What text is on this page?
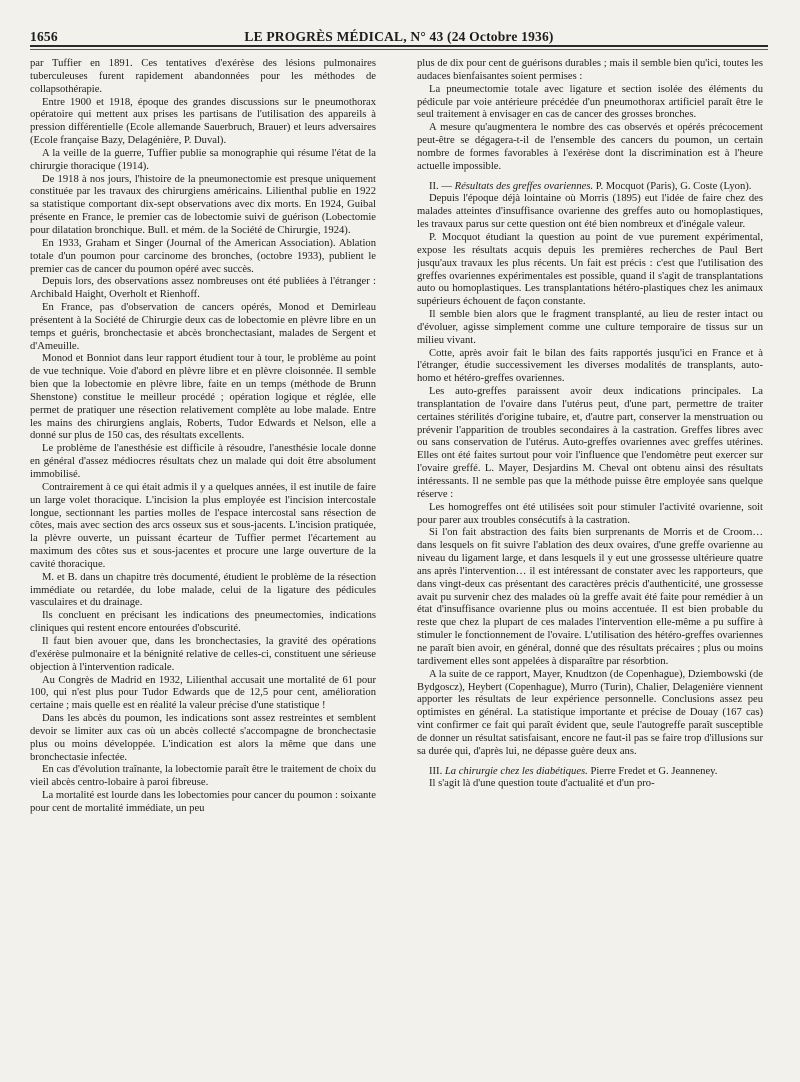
1656	LE PROGRÈS MÉDICAL, N° 43 (24 Octobre 1936)

par Tuffier en 1891. Ces tentatives d'exérèse des lésions pulmonaires tuberculeuses furent rapidement abandonnées pour les méthodes de collapsothérapie.

Entre 1900 et 1918, époque des grandes discussions sur le pneumothorax opératoire qui mettent aux prises les partisans de l'utilisation des appareils à pression différentielle (Ecole allemande Sauerbruch, Brauer) et leurs adversaires (Ecole française Bazy, Delagénière, P. Duval).

A la veille de la guerre, Tuffier publie sa monographie qui résume l'état de la chirurgie thoracique (1914).

De 1918 à nos jours, l'histoire de la pneumonectomie est presque uniquement constituée par les travaux des chirurgiens américains. Lilienthal publie en 1922 sa statistique comportant dix-sept observations avec dix morts. En 1924, Guibal présente en France, le premier cas de lobectomie suivi de guérison (Lobectomie pour dilatation bronchique. Bull. et mém. de la Société de Chirurgie, 1924).

En 1933, Graham et Singer (Journal of the American Association). Ablation totale d'un poumon pour carcinome des bronches, (octobre 1933), publient le premier cas de cancer du poumon opéré avec succès.

Depuis lors, des observations assez nombreuses ont été publiées à l'étranger : Archibald Haight, Overholt et Rienhoff.

En France, pas d'observation de cancers opérés, Monod et Demirleau présentent à la Société de Chirurgie deux cas de lobectomie en plèvre libre en un temps et guéris, bronchectasie et abcès bronchectasiant, malades de Sergent et d'Ameuille.

Monod et Bonniot dans leur rapport étudient tour à tour, le problème au point de vue technique. Voie d'abord en plèvre libre et en plèvre cloisonnée. Il semble bien que la lobectomie en plèvre libre, faite en un temps (méthode de Brunn Shenstone) constitue le meilleur procédé ; opération logique et réglée, elle permet de pratiquer une résection relativement complète au lobe malade. Entre les mains des chirurgiens anglais, Roberts, Tudor Edwards et Nelson, elle a donné sur plus de 150 cas, des résultats excellents.

Le problème de l'anesthésie est difficile à résoudre, l'anesthésie locale donne en général d'assez médiocres résultats chez un malade qui doit être absolument immobilisé.

Contrairement à ce qui était admis il y a quelques années, il est inutile de faire un large volet thoracique. L'incision la plus employée est l'incision intercostale longue, sectionnant les parties molles de l'espace intercostal sans résection de côtes, mais avec section des arcs osseux sus et sous-jacents. L'incision pratiquée, la plèvre ouverte, un puissant écarteur de Tuffier permet l'écartement au maximum des côtes sus et sous-jacentes et procure une large ouverture de la cavité thoracique.

M. et B. dans un chapitre très documenté, étudient le problème de la résection immédiate ou retardée, du lobe malade, celui de la ligature des pédicules vasculaires et du drainage.

Ils concluent en précisant les indications des pneumectomies, indications cliniques qui restent encore entourées d'obscurité.

Il faut bien avouer que, dans les bronchectasies, la gravité des opérations d'exérèse pulmonaire et la bénignité relative de celles-ci, constituent une sérieuse objection à l'intervention radicale.

Au Congrès de Madrid en 1932, Lilienthal accusait une mortalité de 61 pour 100, qui n'est plus pour Tudor Edwards que de 12,5 pour cent, amélioration certaine ; mais quelle est en réalité la valeur précise d'une statistique !

Dans les abcès du poumon, les indications sont assez restreintes et semblent devoir se limiter aux cas où un abcès collecté s'accompagne de bronchectasie plus ou moins développée. L'indication est alors la même que dans une bronchectasie infectée.

En cas d'évolution traînante, la lobectomie paraît être le traitement de choix du vieil abcès centro-lobaire à paroi fibreuse.

La mortalité est lourde dans les lobectomies pour cancer du poumon : soixante pour cent de mortalité immédiate, un peu

plus de dix pour cent de guérisons durables ; mais il semble bien qu'ici, toutes les audaces bienfaisantes soient permises :

La pneumectomie totale avec ligature et section isolée des éléments du pédicule par voie antérieure précédée d'un pneumothorax artificiel paraît être le seul traitement à envisager en cas de cancer des grosses bronches.

A mesure qu'augmentera le nombre des cas observés et opérés précocement peut-être se dégagera-t-il de l'ensemble des cancers du poumon, un certain nombre de formes favorables à l'exérèse dont la discrimination est à l'heure actuelle impossible.

II. — Résultats des greffes ovariennes. P. Mocquot (Paris), G. Coste (Lyon).

Depuis l'époque déjà lointaine où Morris (1895) eut l'idée de faire chez des malades atteintes d'insuffisance ovarienne des greffes auto ou homoplastiques, les travaux parus sur cette question ont été bien nombreux et d'inégale valeur.

P. Mocquot étudiant la question au point de vue purement expérimental, expose les résultats acquis depuis les premières recherches de Paul Bert jusqu'aux travaux les plus récents. Un fait est précis : c'est que l'utilisation des greffes ovariennes expérimentales est possible, quand il s'agit de transplantations auto ou homoplastiques. Les transplantations hétéro-plastiques chez les animaux supérieurs échouent de façon constante.

Il semble bien alors que le fragment transplanté, au lieu de rester intact ou d'évoluer, agisse simplement comme une culture temporaire de tissus sur un milieu vivant.

Cotte, après avoir fait le bilan des faits rapportés jusqu'ici en France et à l'étranger, étudie successivement les diverses modalités de transplants, auto-homo et hétéro-greffes ovariennes.

Les auto-greffes paraissent avoir deux indications principales. La transplantation de l'ovaire dans l'utérus peut, d'une part, permettre de traiter certaines stérilités d'origine tubaire, et, d'autre part, conserver la menstruation ou prévenir l'apparition de troubles secondaires à la castration. Greffes libres avec ou sans conservation de l'utérus. Auto-greffes ovariennes avec greffes utérines. Elles ont été faites surtout pour voir l'influence que l'endomètre peut exercer sur l'ovaire greffé. L. Mayer, Desjardins M. Cheval ont obtenu ainsi des résultats intéressants. Il ne semble pas que la méthode puisse être employée sans quelque réserve :

Les homogreffes ont été utilisées soit pour stimuler l'activité ovarienne, soit pour parer aux troubles consécutifs à la castration.

Si l'on fait abstraction des faits bien surprenants de Morris et de Croom… dans lesquels on fit suivre l'ablation des deux ovaires, d'une greffe ovarienne au niveau du ligament large, et dans lesquels il y eut une grossesse ultérieure quatre ans après l'intervention… il est intéressant de constater avec les rapporteurs, que dans vingt-deux cas présentant des caractères précis d'authenticité, une grossesse avait pu survenir chez des malades où la greffe avait été faite pour remédier à un état d'insuffisance ovarienne plus ou moins accentuée. Il est bien probable du reste que chez la plupart de ces malades l'intervention elle-même a pu suffire à stimuler le fonctionnement de l'ovaire. L'utilisation des hétéro-greffes ovariennes ne paraît bien avoir, en général, donné que des résultats précaires ; plus ou moins tardivement elles sont appelées à disparaître par résorbtion.

A la suite de ce rapport, Mayer, Knudtzon (de Copenhague), Dziembowski (de Bydgoscz), Heybert (Copenhague), Murro (Turin), Chalier, Delagenière viennent apporter les résultats de leur expérience personnelle. Conclusions assez peu optimistes en général. La statistique importante et précise de Douay (167 cas) vint confirmer ce fait qui paraît évident que, seule l'autogreffe paraît susceptible de donner un résultat satisfaisant, encore ne faut-il pas se faire trop d'illusions sur sa durée qui, d'après lui, ne dépasse guère deux ans.

III. La chirurgie chez les diabétiques. Pierre Fredet et G. Jeanneney.

Il s'agit là d'une question toute d'actualité et d'un pro-
